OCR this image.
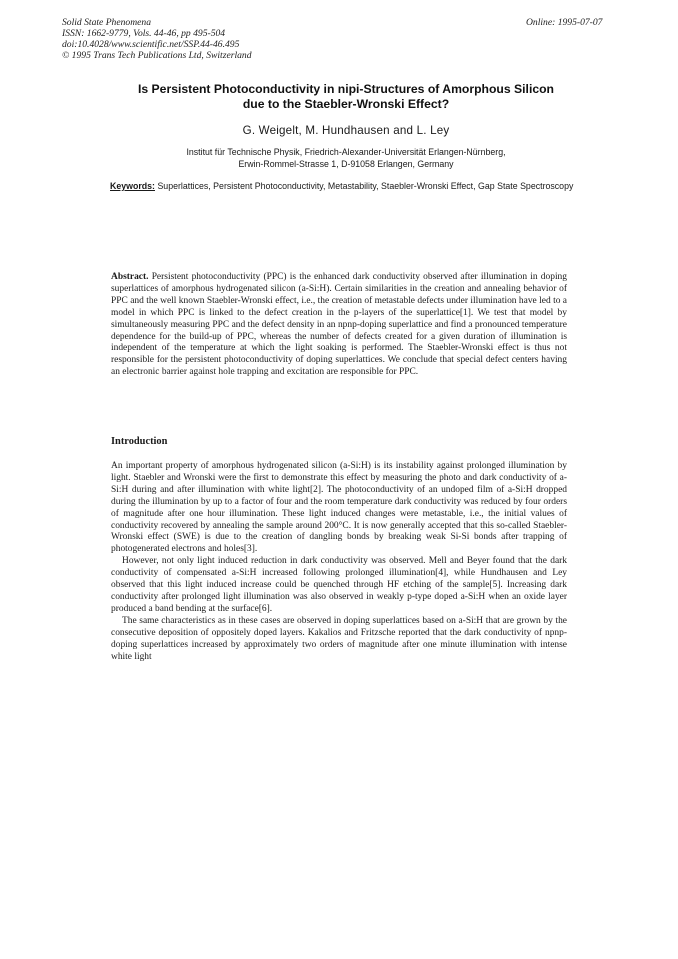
Solid State Phenomena
ISSN: 1662-9779, Vols. 44-46, pp 495-504
doi:10.4028/www.scientific.net/SSP.44-46.495
© 1995 Trans Tech Publications Ltd, Switzerland
Online: 1995-07-07
Is Persistent Photoconductivity in nipi-Structures of Amorphous Silicon
due to the Staebler-Wronski Effect?
G. Weigelt, M. Hundhausen and L. Ley
Institut für Technische Physik, Friedrich-Alexander-Universität Erlangen-Nürnberg,
Erwin-Rommel-Strasse 1, D-91058 Erlangen, Germany
Keywords: Superlattices, Persistent Photoconductivity, Metastability, Staebler-Wronski Effect, Gap State Spectroscopy

Abstract. Persistent photoconductivity (PPC) is the enhanced dark conductivity observed after illumination in doping superlattices of amorphous hydrogenated silicon (a-Si:H). Certain similarities in the creation and annealing behavior of PPC and the well known Staebler-Wronski effect, i.e., the creation of metastable defects under illumination have led to a model in which PPC is linked to the defect creation in the p-layers of the superlattice[1]. We test that model by simultaneously measuring PPC and the defect density in an npnp-doping superlattice and find a pronounced temperature dependence for the build-up of PPC, whereas the number of defects created for a given duration of illumination is independent of the temperature at which the light soaking is performed. The Staebler-Wronski effect is thus not responsible for the persistent photoconductivity of doping superlattices. We conclude that special defect centers having an electronic barrier against hole trapping and excitation are responsible for PPC.

Introduction

An important property of amorphous hydrogenated silicon (a-Si:H) is its instability against prolonged illumination by light. Staebler and Wronski were the first to demonstrate this effect by measuring the photo and dark conductivity of a-Si:H during and after illumination with white light[2]. The photoconductivity of an undoped film of a-Si:H dropped during the illumination by up to a factor of four and the room temperature dark conductivity was reduced by four orders of magnitude after one hour illumination. These light induced changes were metastable, i.e., the initial values of conductivity recovered by annealing the sample around 200°C. It is now generally accepted that this so-called Staebler-Wronski effect (SWE) is due to the creation of dangling bonds by breaking weak Si-Si bonds after trapping of photogenerated electrons and holes[3].

However, not only light induced reduction in dark conductivity was observed. Mell and Beyer found that the dark conductivity of compensated a-Si:H increased following prolonged illumination[4], while Hundhausen and Ley observed that this light induced increase could be quenched through HF etching of the sample[5]. Increasing dark conductivity after prolonged light illumination was also observed in weakly p-type doped a-Si:H when an oxide layer produced a band bending at the surface[6].

The same characteristics as in these cases are observed in doping superlattices based on a-Si:H that are grown by the consecutive deposition of oppositely doped layers. Kakalios and Fritzsche reported that the dark conductivity of npnp-doping superlattices increased by approximately two orders of magnitude after one minute illumination with intense white light
